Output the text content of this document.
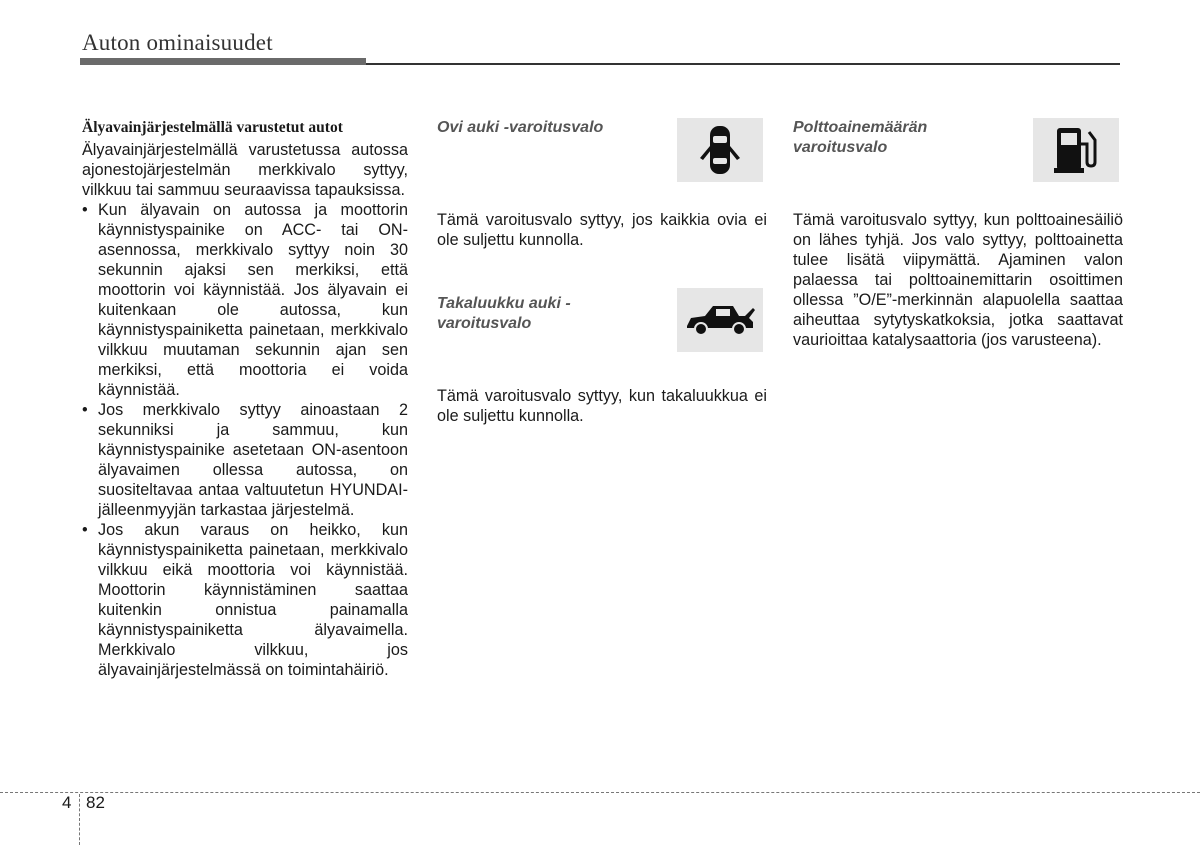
Auton ominaisuudet
Älyavainjärjestelmällä varustetut autot

Älyavainjärjestelmällä varustetussa autossa ajonestojärjestelmän merkkivalo syttyy, vilkkuu tai sammuu seuraavissa tapauksissa.

• Kun älyavain on autossa ja moottorin käynnistyspainike on ACC- tai ON-asennossa, merkkivalo syttyy noin 30 sekunnin ajaksi sen merkiksi, että moottorin voi käynnistää. Jos älyavain ei kuitenkaan ole autossa, kun käynnistyspainiketta painetaan, merkkivalo vilkkuu muutaman sekunnin ajan sen merkiksi, että moottoria ei voida käynnistää.
• Jos merkkivalo syttyy ainoastaan 2 sekunniksi ja sammuu, kun käynnistyspainike asetetaan ON-asentoon älyavaimen ollessa autossa, on suositeltavaa antaa valtuutetun HYUNDAI-jälleenmyyjän tarkastaa järjestelmä.
• Jos akun varaus on heikko, kun käynnistyspainiketta painetaan, merkkivalo vilkkuu eikä moottoria voi käynnistää. Moottorin käynnistäminen saattaa kuitenkin onnistua painamalla käynnistyspainiketta älyavaimella. Merkkivalo vilkkuu, jos älyavainjärjestelmässä on toimintahäiriö.

Ovi auki -varoitusvalo

Tämä varoitusvalo syttyy, jos kaikkia ovia ei ole suljettu kunnolla.

Takaluukku auki -varoitusvalo

Tämä varoitusvalo syttyy, kun takaluukkua ei ole suljettu kunnolla.

Polttoainemäärän varoitusvalo

Tämä varoitusvalo syttyy, kun polttoainesäiliö on lähes tyhjä. Jos valo syttyy, polttoainetta tulee lisätä viipymättä. Ajaminen valon palaessa tai polttoainemittarin osoittimen ollessa ”O/E”-merkinnän alapuolella saattaa aiheuttaa sytytyskatkoksia, jotka saattavat vaurioittaa katalysaattoria (jos varusteena).

4 82
